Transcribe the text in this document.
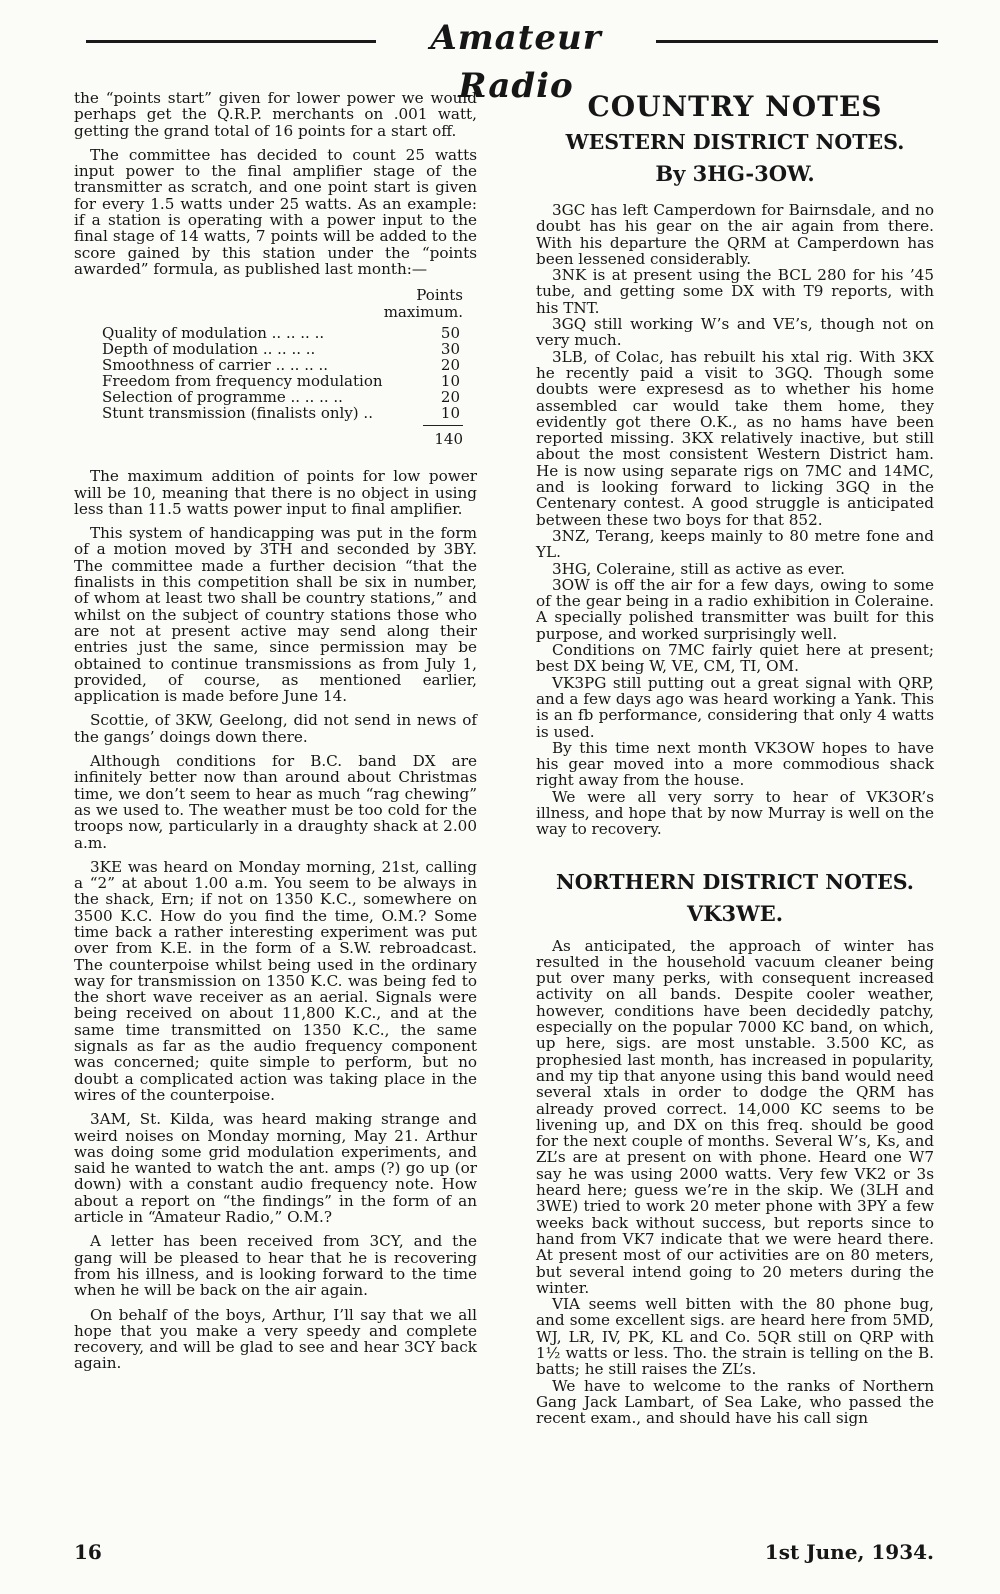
Amateur Radio

the “points start” given for lower power we would perhaps get the Q.R.P. merchants on .001 watt, getting the grand total of 16 points for a start off.

The committee has decided to count 25 watts input power to the final amplifier stage of the transmitter as scratch, and one point start is given for every 1.5 watts under 25 watts. As an example: if a station is operating with a power input to the final stage of 14 watts, 7 points will be added to the score gained by this station under the “points awarded” formula, as published last month:—

Points
maximum.
Quality of modulation .. .. .. ..	50
Depth of modulation .. .. .. ..	30
Smoothness of carrier .. .. .. ..	20
Freedom from frequency modulation	10
Selection of programme .. .. .. ..	20
Stunt transmission (finalists only) ..	10
140

The maximum addition of points for low power will be 10, meaning that there is no object in using less than 11.5 watts power input to final amplifier.

This system of handicapping was put in the form of a motion moved by 3TH and seconded by 3BY. The committee made a further decision “that the finalists in this competition shall be six in number, of whom at least two shall be country stations,” and whilst on the subject of country stations those who are not at present active may send along their entries just the same, since permission may be obtained to continue transmissions as from July 1, provided, of course, as mentioned earlier, application is made before June 14.

Scottie, of 3KW, Geelong, did not send in news of the gangs’ doings down there.

Although conditions for B.C. band DX are infinitely better now than around about Christmas time, we don’t seem to hear as much “rag chewing” as we used to. The weather must be too cold for the troops now, particularly in a draughty shack at 2.00 a.m.

3KE was heard on Monday morning, 21st, calling a “2” at about 1.00 a.m. You seem to be always in the shack, Ern; if not on 1350 K.C., somewhere on 3500 K.C. How do you find the time, O.M.? Some time back a rather interesting experiment was put over from K.E. in the form of a S.W. rebroadcast. The counterpoise whilst being used in the ordinary way for transmission on 1350 K.C. was being fed to the short wave receiver as an aerial. Signals were being received on about 11,800 K.C., and at the same time transmitted on 1350 K.C., the same signals as far as the audio frequency component was concerned; quite simple to perform, but no doubt a complicated action was taking place in the wires of the counterpoise.

3AM, St. Kilda, was heard making strange and weird noises on Monday morning, May 21. Arthur was doing some grid modulation experiments, and said he wanted to watch the ant. amps (?) go up (or down) with a constant audio frequency note. How about a report on “the findings” in the form of an article in “Amateur Radio,” O.M.?

A letter has been received from 3CY, and the gang will be pleased to hear that he is recovering from his illness, and is looking forward to the time when he will be back on the air again.

On behalf of the boys, Arthur, I’ll say that we all hope that you make a very speedy and complete recovery, and will be glad to see and hear 3CY back again.

COUNTRY NOTES
WESTERN DISTRICT NOTES.
By 3HG-3OW.

3GC has left Camperdown for Bairnsdale, and no doubt has his gear on the air again from there. With his departure the QRM at Camperdown has been lessened considerably.

3NK is at present using the BCL 280 for his ’45 tube, and getting some DX with T9 reports, with his TNT.

3GQ still working W’s and VE’s, though not on very much.

3LB, of Colac, has rebuilt his xtal rig. With 3KX he recently paid a visit to 3GQ. Though some doubts were expresesd as to whether his home assembled car would take them home, they evidently got there O.K., as no hams have been reported missing. 3KX relatively inactive, but still about the most consistent Western District ham. He is now using separate rigs on 7MC and 14MC, and is looking forward to licking 3GQ in the Centenary contest. A good struggle is anticipated between these two boys for that 852.

3NZ, Terang, keeps mainly to 80 metre fone and YL.

3HG, Coleraine, still as active as ever.

3OW is off the air for a few days, owing to some of the gear being in a radio exhibition in Coleraine. A specially polished transmitter was built for this purpose, and worked surprisingly well.

Conditions on 7MC fairly quiet here at present; best DX being W, VE, CM, TI, OM.

VK3PG still putting out a great signal with QRP, and a few days ago was heard working a Yank. This is an fb performance, considering that only 4 watts is used.

By this time next month VK3OW hopes to have his gear moved into a more commodious shack right away from the house.

We were all very sorry to hear of VK3OR’s illness, and hope that by now Murray is well on the way to recovery.

NORTHERN DISTRICT NOTES.
VK3WE.

As anticipated, the approach of winter has resulted in the household vacuum cleaner being put over many perks, with consequent increased activity on all bands. Despite cooler weather, however, conditions have been decidedly patchy, especially on the popular 7000 KC band, on which, up here, sigs. are most unstable. 3.500 KC, as prophesied last month, has increased in popularity, and my tip that anyone using this band would need several xtals in order to dodge the QRM has already proved correct. 14,000 KC seems to be livening up, and DX on this freq. should be good for the next couple of months. Several W’s, Ks, and ZL’s are at present on with phone. Heard one W7 say he was using 2000 watts. Very few VK2 or 3s heard here; guess we’re in the skip. We (3LH and 3WE) tried to work 20 meter phone with 3PY a few weeks back without success, but reports since to hand from VK7 indicate that we were heard there. At present most of our activities are on 80 meters, but several intend going to 20 meters during the winter.

VIA seems well bitten with the 80 phone bug, and some excellent sigs. are heard here from 5MD, WJ, LR, IV, PK, KL and Co. 5QR still on QRP with 1½ watts or less. Tho. the strain is telling on the B. batts; he still raises the ZL’s.

We have to welcome to the ranks of Northern Gang Jack Lambart, of Sea Lake, who passed the recent exam., and should have his call sign

16	1st June, 1934.
